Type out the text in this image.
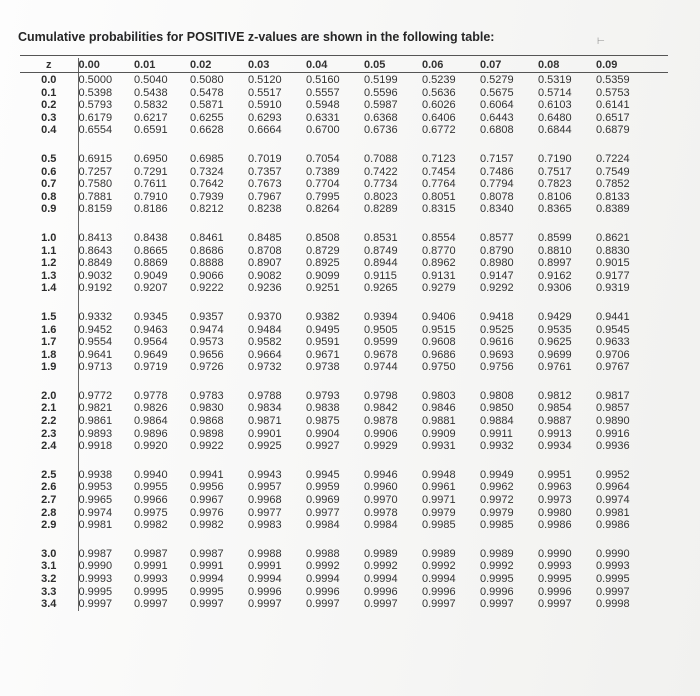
Cumulative probabilities for POSITIVE z-values are shown in the following table:	⊢
z	0.00	0.01	0.02	0.03	0.04	0.05	0.06	0.07	0.08	0.09
0.0	0.5000	0.5040	0.5080	0.5120	0.5160	0.5199	0.5239	0.5279	0.5319	0.5359
0.1	0.5398	0.5438	0.5478	0.5517	0.5557	0.5596	0.5636	0.5675	0.5714	0.5753
0.2	0.5793	0.5832	0.5871	0.5910	0.5948	0.5987	0.6026	0.6064	0.6103	0.6141
0.3	0.6179	0.6217	0.6255	0.6293	0.6331	0.6368	0.6406	0.6443	0.6480	0.6517
0.4	0.6554	0.6591	0.6628	0.6664	0.6700	0.6736	0.6772	0.6808	0.6844	0.6879
0.5	0.6915	0.6950	0.6985	0.7019	0.7054	0.7088	0.7123	0.7157	0.7190	0.7224
0.6	0.7257	0.7291	0.7324	0.7357	0.7389	0.7422	0.7454	0.7486	0.7517	0.7549
0.7	0.7580	0.7611	0.7642	0.7673	0.7704	0.7734	0.7764	0.7794	0.7823	0.7852
0.8	0.7881	0.7910	0.7939	0.7967	0.7995	0.8023	0.8051	0.8078	0.8106	0.8133
0.9	0.8159	0.8186	0.8212	0.8238	0.8264	0.8289	0.8315	0.8340	0.8365	0.8389
1.0	0.8413	0.8438	0.8461	0.8485	0.8508	0.8531	0.8554	0.8577	0.8599	0.8621
1.1	0.8643	0.8665	0.8686	0.8708	0.8729	0.8749	0.8770	0.8790	0.8810	0.8830
1.2	0.8849	0.8869	0.8888	0.8907	0.8925	0.8944	0.8962	0.8980	0.8997	0.9015
1.3	0.9032	0.9049	0.9066	0.9082	0.9099	0.9115	0.9131	0.9147	0.9162	0.9177
1.4	0.9192	0.9207	0.9222	0.9236	0.9251	0.9265	0.9279	0.9292	0.9306	0.9319
1.5	0.9332	0.9345	0.9357	0.9370	0.9382	0.9394	0.9406	0.9418	0.9429	0.9441
1.6	0.9452	0.9463	0.9474	0.9484	0.9495	0.9505	0.9515	0.9525	0.9535	0.9545
1.7	0.9554	0.9564	0.9573	0.9582	0.9591	0.9599	0.9608	0.9616	0.9625	0.9633
1.8	0.9641	0.9649	0.9656	0.9664	0.9671	0.9678	0.9686	0.9693	0.9699	0.9706
1.9	0.9713	0.9719	0.9726	0.9732	0.9738	0.9744	0.9750	0.9756	0.9761	0.9767
2.0	0.9772	0.9778	0.9783	0.9788	0.9793	0.9798	0.9803	0.9808	0.9812	0.9817
2.1	0.9821	0.9826	0.9830	0.9834	0.9838	0.9842	0.9846	0.9850	0.9854	0.9857
2.2	0.9861	0.9864	0.9868	0.9871	0.9875	0.9878	0.9881	0.9884	0.9887	0.9890
2.3	0.9893	0.9896	0.9898	0.9901	0.9904	0.9906	0.9909	0.9911	0.9913	0.9916
2.4	0.9918	0.9920	0.9922	0.9925	0.9927	0.9929	0.9931	0.9932	0.9934	0.9936
2.5	0.9938	0.9940	0.9941	0.9943	0.9945	0.9946	0.9948	0.9949	0.9951	0.9952
2.6	0.9953	0.9955	0.9956	0.9957	0.9959	0.9960	0.9961	0.9962	0.9963	0.9964
2.7	0.9965	0.9966	0.9967	0.9968	0.9969	0.9970	0.9971	0.9972	0.9973	0.9974
2.8	0.9974	0.9975	0.9976	0.9977	0.9977	0.9978	0.9979	0.9979	0.9980	0.9981
2.9	0.9981	0.9982	0.9982	0.9983	0.9984	0.9984	0.9985	0.9985	0.9986	0.9986
3.0	0.9987	0.9987	0.9987	0.9988	0.9988	0.9989	0.9989	0.9989	0.9990	0.9990
3.1	0.9990	0.9991	0.9991	0.9991	0.9992	0.9992	0.9992	0.9992	0.9993	0.9993
3.2	0.9993	0.9993	0.9994	0.9994	0.9994	0.9994	0.9994	0.9995	0.9995	0.9995
3.3	0.9995	0.9995	0.9995	0.9996	0.9996	0.9996	0.9996	0.9996	0.9996	0.9997
3.4	0.9997	0.9997	0.9997	0.9997	0.9997	0.9997	0.9997	0.9997	0.9997	0.9998
